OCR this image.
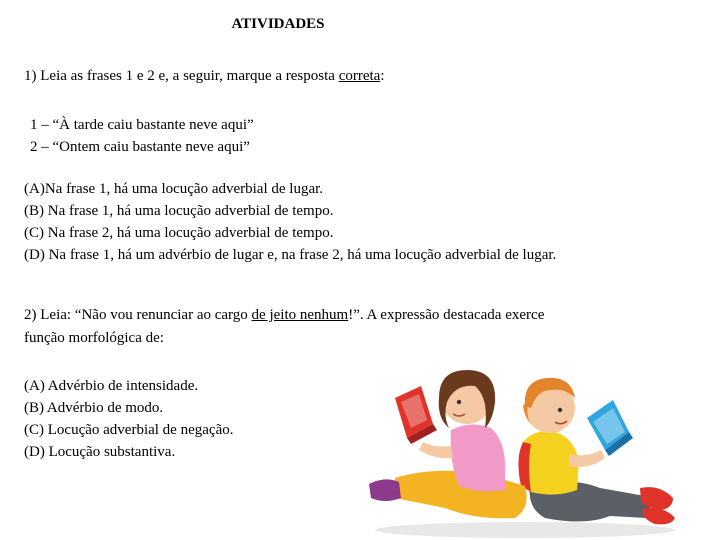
ATIVIDADES
1) Leia as frases 1 e 2 e, a seguir, marque a resposta correta:
1 – “À tarde caiu bastante neve aqui”
2 – “Ontem caiu bastante neve aqui”
(A)Na frase 1, há uma locução adverbial de lugar.
(B) Na frase 1, há uma locução adverbial de tempo.
(C) Na frase 2, há uma locução adverbial de tempo.
(D) Na frase 1, há um advérbio de lugar e, na frase 2, há uma locução adverbial de lugar.
2) Leia: “Não vou renunciar ao cargo de jeito nenhum!”. A expressão destacada exerce
função morfológica de:
(A) Advérbio de intensidade.
(B) Advérbio de modo.
(C) Locução adverbial de negação.
(D) Locução substantiva.
